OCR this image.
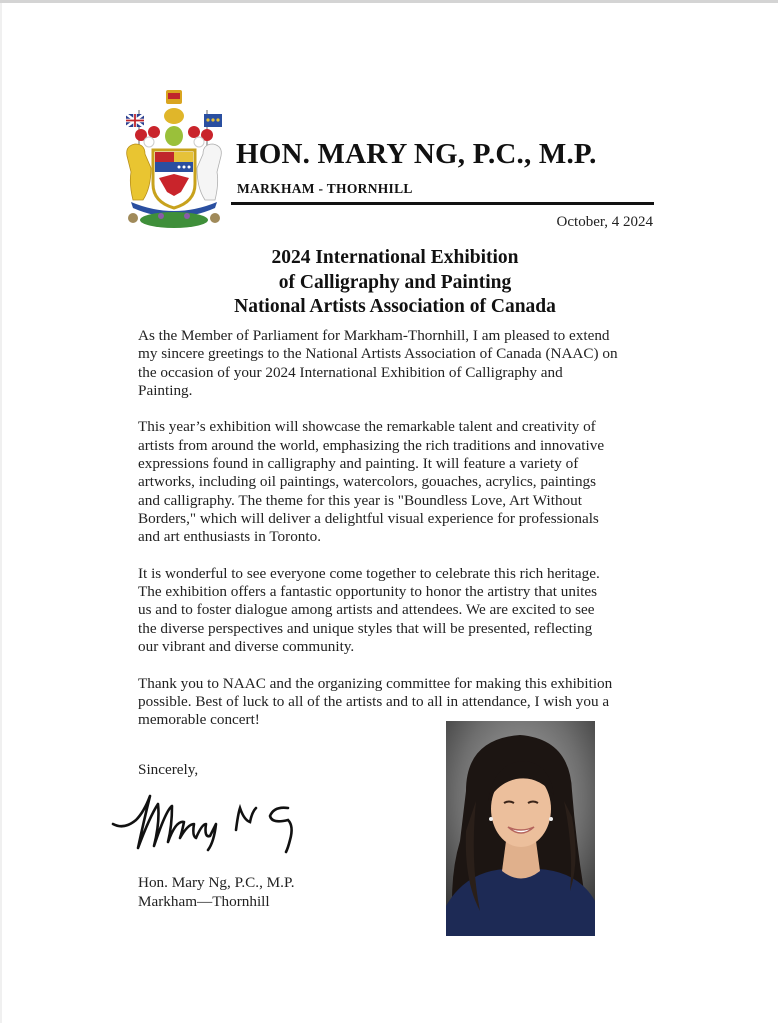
HON. MARY NG, P.C., M.P.
MARKHAM - THORNHILL
October, 4 2024
2024 International Exhibition
of Calligraphy and Painting
National Artists Association of Canada

As the Member of Parliament for Markham-Thornhill, I am pleased to extend
my sincere greetings to the National Artists Association of Canada (NAAC) on
the occasion of your 2024 International Exhibition of Calligraphy and
Painting.

This year’s exhibition will showcase the remarkable talent and creativity of
artists from around the world, emphasizing the rich traditions and innovative
expressions found in calligraphy and painting. It will feature a variety of
artworks, including oil paintings, watercolors, gouaches, acrylics, paintings
and calligraphy. The theme for this year is "Boundless Love, Art Without
Borders," which will deliver a delightful visual experience for professionals
and art enthusiasts in Toronto.

It is wonderful to see everyone come together to celebrate this rich heritage.
The exhibition offers a fantastic opportunity to honor the artistry that unites
us and to foster dialogue among artists and attendees. We are excited to see
the diverse perspectives and unique styles that will be presented, reflecting
our vibrant and diverse community.

Thank you to NAAC and the organizing committee for making this exhibition
possible. Best of luck to all of the artists and to all in attendance, I wish you a
memorable concert!

Sincerely,
Hon. Mary Ng, P.C., M.P.
Markham—Thornhill
